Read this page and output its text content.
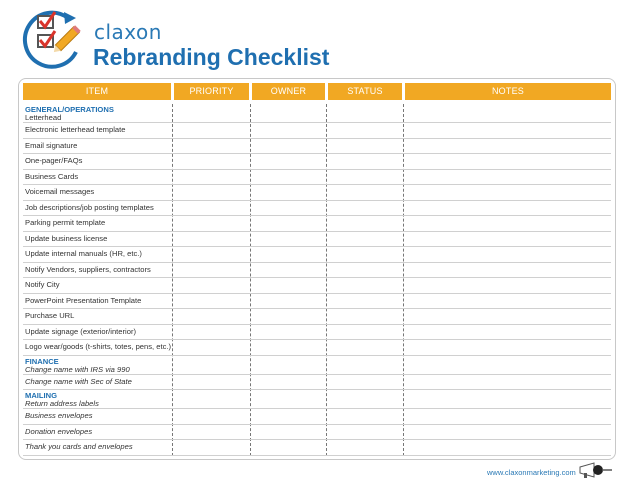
claxon
Rebranding Checklist
ITEM	PRIORITY	OWNER	STATUS	NOTES
GENERAL/OPERATIONS
Letterhead
Electronic letterhead template
Email signature
One-pager/FAQs
Business Cards
Voicemail messages
Job descriptions/job posting templates
Parking permit template
Update business license
Update internal manuals (HR, etc.)
Notify Vendors, suppliers, contractors
Notify City
PowerPoint Presentation Template
Purchase URL
Update signage (exterior/interior)
Logo wear/goods (t-shirts, totes, pens, etc.)
FINANCE
Change name with IRS via 990
Change name with Sec of State
MAILING
Return address labels
Business envelopes
Donation envelopes
Thank you cards and envelopes
www.claxonmarketing.com
